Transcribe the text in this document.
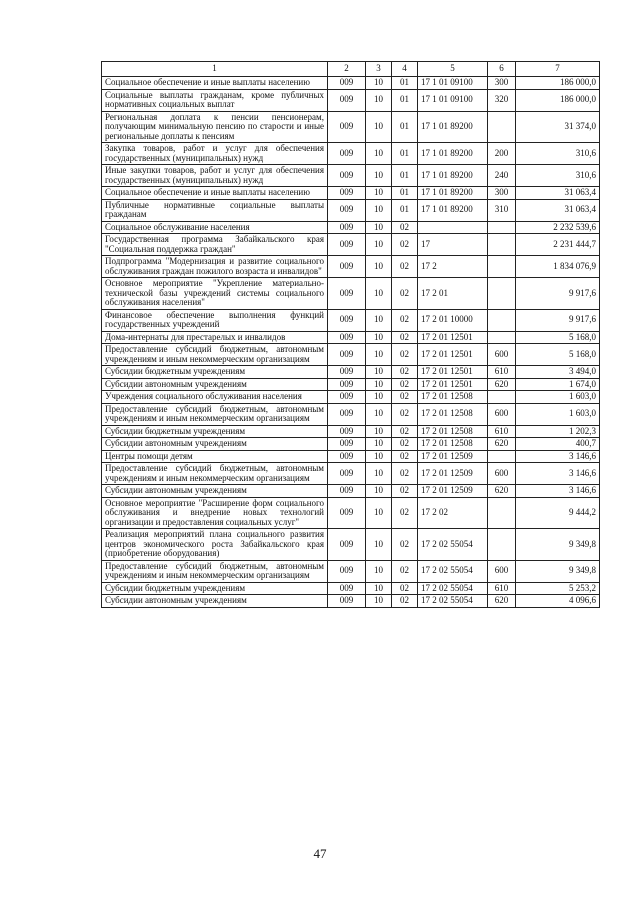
1	2	3	4	5	6	7
Социальное обеспечение и иные выплаты населению	009	10	01	17 1 01 09100	300	186 000,0
Социальные выплаты гражданам, кроме публичных нормативных социальных выплат	009	10	01	17 1 01 09100	320	186 000,0
Региональная доплата к пенсии пенсионерам, получающим минимальную пенсию по старости и иные региональные доплаты к пенсиям	009	10	01	17 1 01 89200		31 374,0
Закупка товаров, работ и услуг для обеспечения государственных (муниципальных) нужд	009	10	01	17 1 01 89200	200	310,6
Иные закупки товаров, работ и услуг для обеспечения государственных (муниципальных) нужд	009	10	01	17 1 01 89200	240	310,6
Социальное обеспечение и иные выплаты населению	009	10	01	17 1 01 89200	300	31 063,4
Публичные нормативные социальные выплаты гражданам	009	10	01	17 1 01 89200	310	31 063,4
Социальное обслуживание населения	009	10	02			2 232 539,6
Государственная программа Забайкальского края "Социальная поддержка граждан"	009	10	02	17		2 231 444,7
Подпрограмма "Модернизация и развитие социального обслуживания граждан пожилого возраста и инвалидов"	009	10	02	17 2		1 834 076,9
Основное мероприятие "Укрепление материально-технической базы учреждений системы социального обслуживания населения"	009	10	02	17 2 01		9 917,6
Финансовое обеспечение выполнения функций государственных учреждений	009	10	02	17 2 01 10000		9 917,6
Дома-интернаты для престарелых и инвалидов	009	10	02	17 2 01 12501		5 168,0
Предоставление субсидий бюджетным, автономным учреждениям и иным некоммерческим организациям	009	10	02	17 2 01 12501	600	5 168,0
Субсидии бюджетным учреждениям	009	10	02	17 2 01 12501	610	3 494,0
Субсидии автономным учреждениям	009	10	02	17 2 01 12501	620	1 674,0
Учреждения социального обслуживания населения	009	10	02	17 2 01 12508		1 603,0
Предоставление субсидий бюджетным, автономным учреждениям и иным некоммерческим организациям	009	10	02	17 2 01 12508	600	1 603,0
Субсидии бюджетным учреждениям	009	10	02	17 2 01 12508	610	1 202,3
Субсидии автономным учреждениям	009	10	02	17 2 01 12508	620	400,7
Центры помощи детям	009	10	02	17 2 01 12509		3 146,6
Предоставление субсидий бюджетным, автономным учреждениям и иным некоммерческим организациям	009	10	02	17 2 01 12509	600	3 146,6
Субсидии автономным учреждениям	009	10	02	17 2 01 12509	620	3 146,6
Основное мероприятие "Расширение форм социального обслуживания и внедрение новых технологий организации и предоставления социальных услуг"	009	10	02	17 2 02		9 444,2
Реализация мероприятий плана социального развития центров экономического роста Забайкальского края (приобретение оборудования)	009	10	02	17 2 02 55054		9 349,8
Предоставление субсидий бюджетным, автономным учреждениям и иным некоммерческим организациям	009	10	02	17 2 02 55054	600	9 349,8
Субсидии бюджетным учреждениям	009	10	02	17 2 02 55054	610	5 253,2
Субсидии автономным учреждениям	009	10	02	17 2 02 55054	620	4 096,6
47
